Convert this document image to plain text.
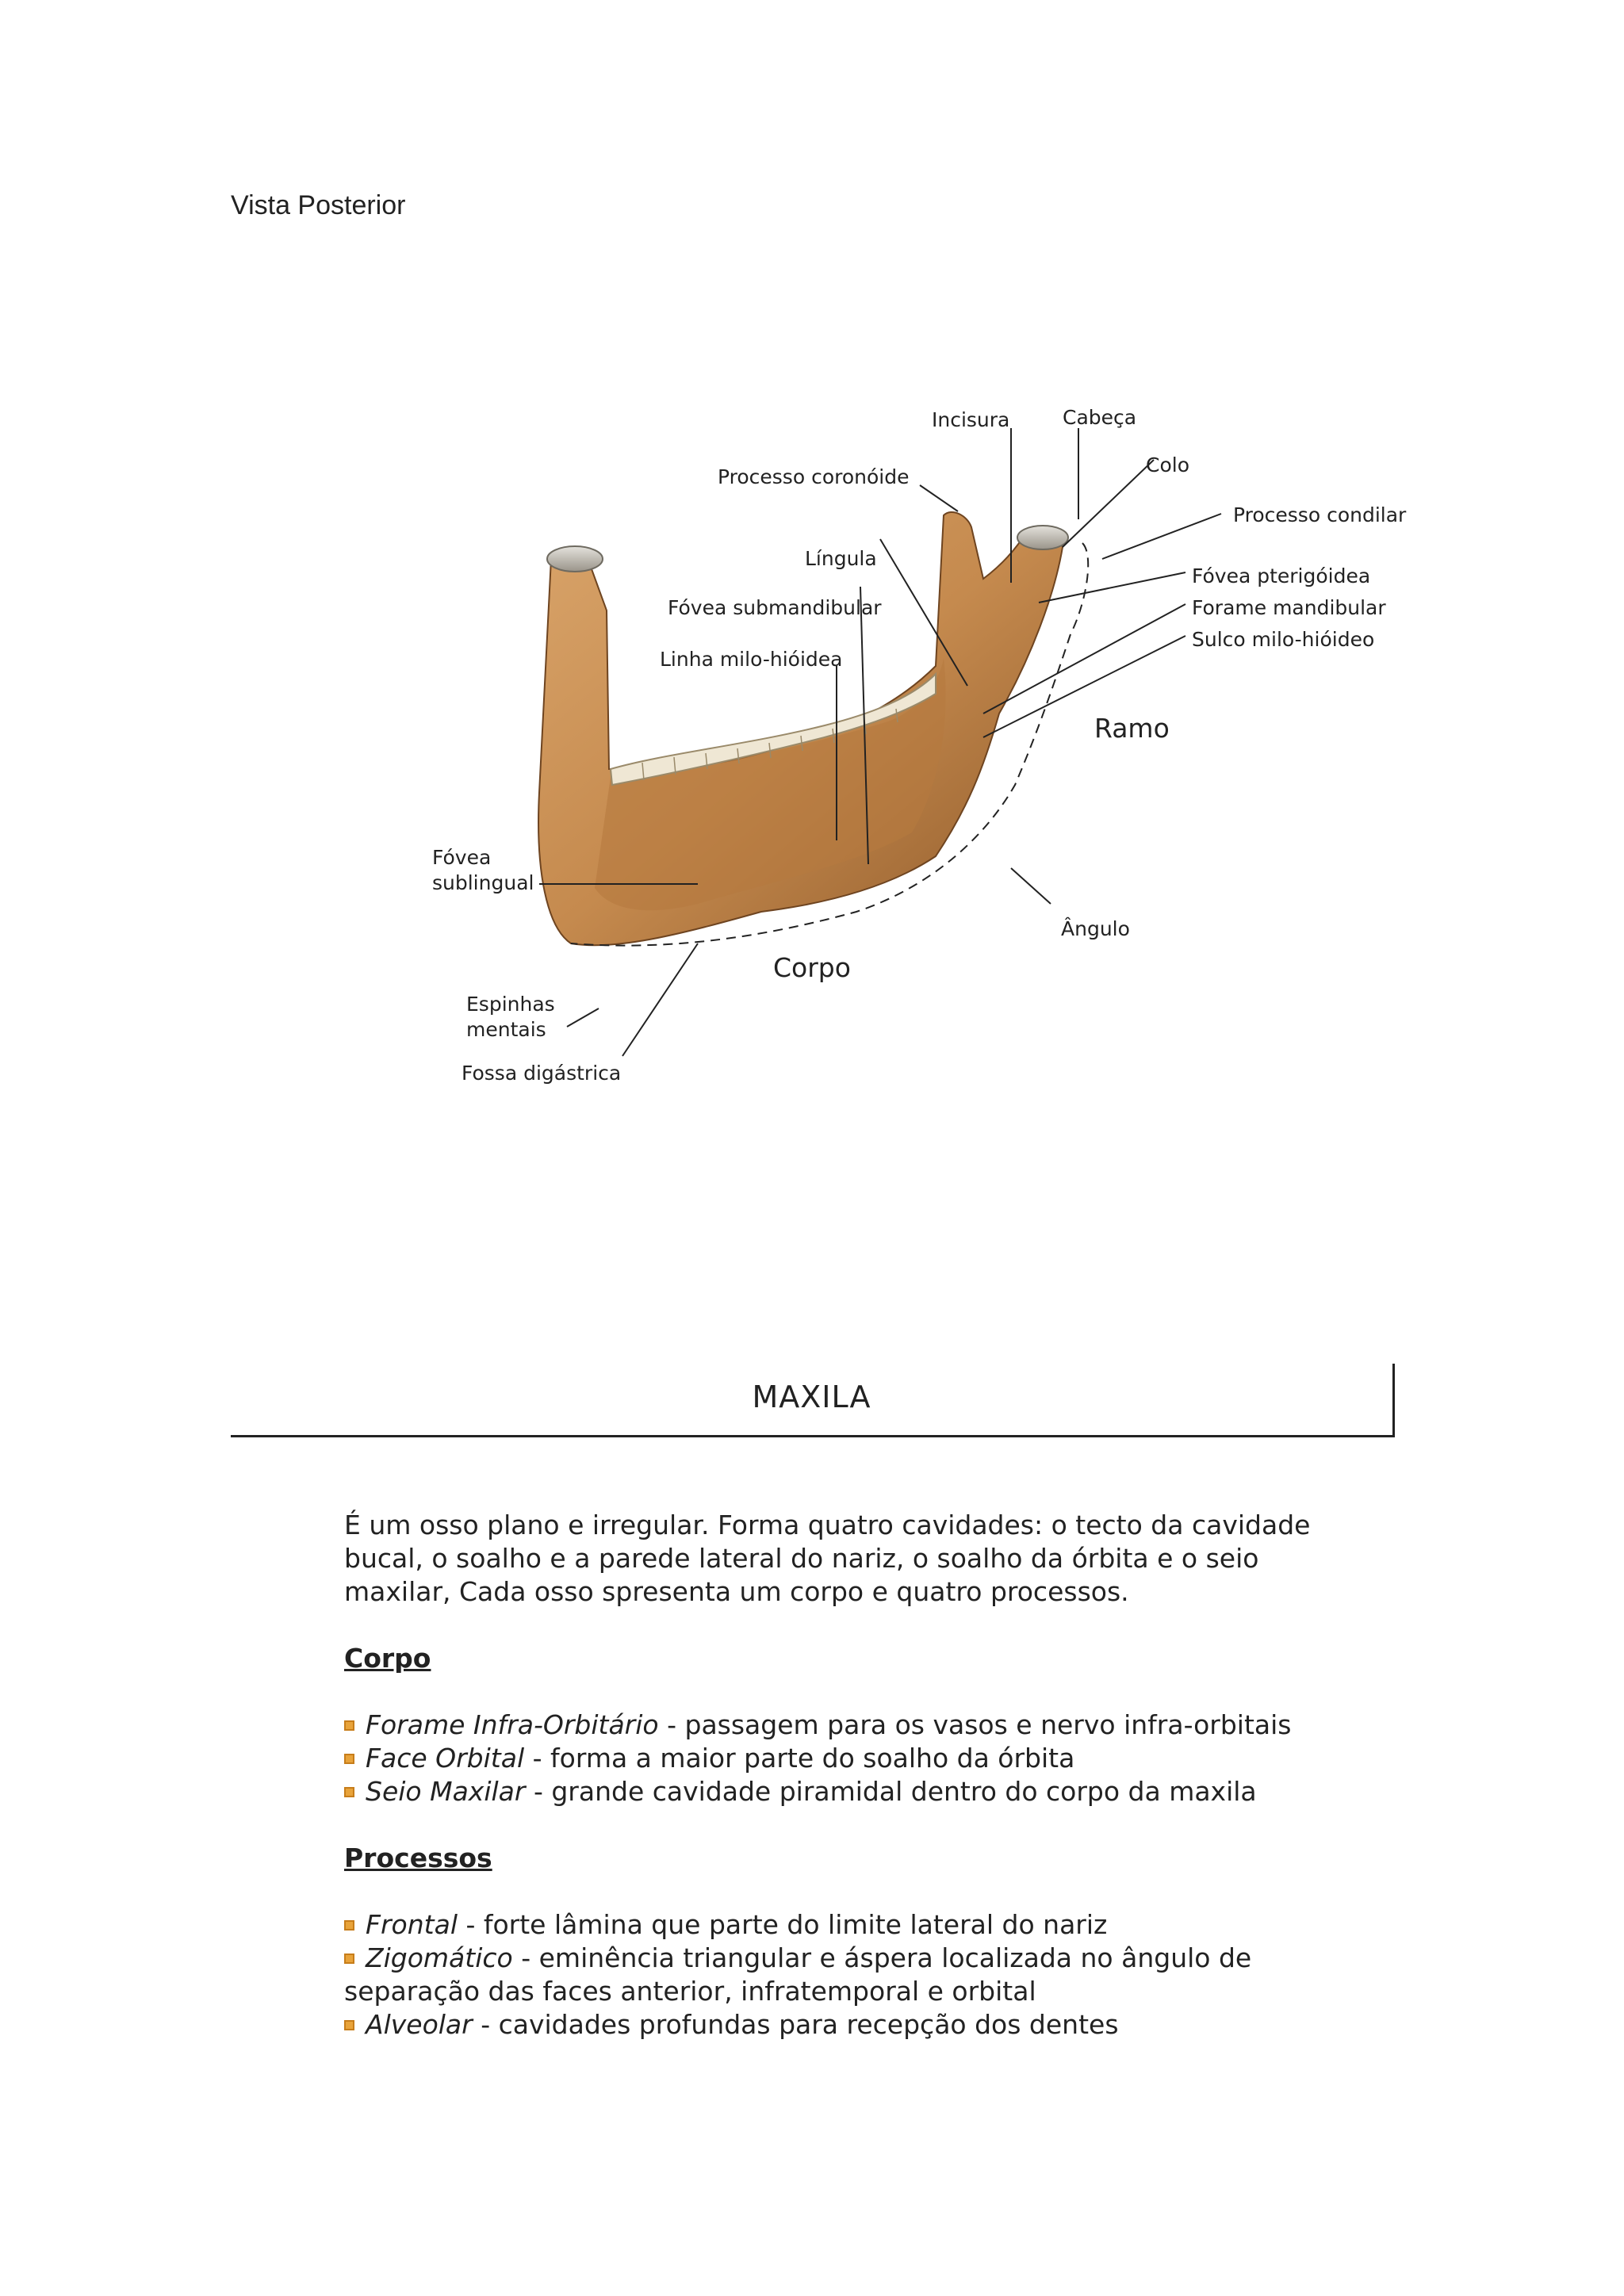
Vista Posterior
Incisura	Cabeça
Colo
Processo coronóide
Processo condilar
Língula
Fóvea pterigóidea
Fóvea submandibular	Forame mandibular
Sulco milo-hióideo
Linha milo-hióidea
Ramo
Fóvea
sublingual
Ângulo
Corpo
Espinhas
mentais
Fossa digástrica
MAXILA

É um osso plano e irregular. Forma quatro cavidades: o tecto da cavidade

bucal, o soalho e a parede lateral do nariz, o soalho da órbita e o seio

maxilar, Cada osso spresenta um corpo e quatro processos.

Corpo

Forame Infra-Orbitário - passagem para os vasos e nervo infra-orbitais

Face Orbital - forma a maior parte do soalho da órbita

Seio Maxilar - grande cavidade piramidal dentro do corpo da maxila

Processos

Frontal - forte lâmina que parte do limite lateral do nariz

Zigomático - eminência triangular e áspera localizada no ângulo de

separação das faces anterior, infratemporal e orbital

Alveolar - cavidades profundas para recepção dos dentes
